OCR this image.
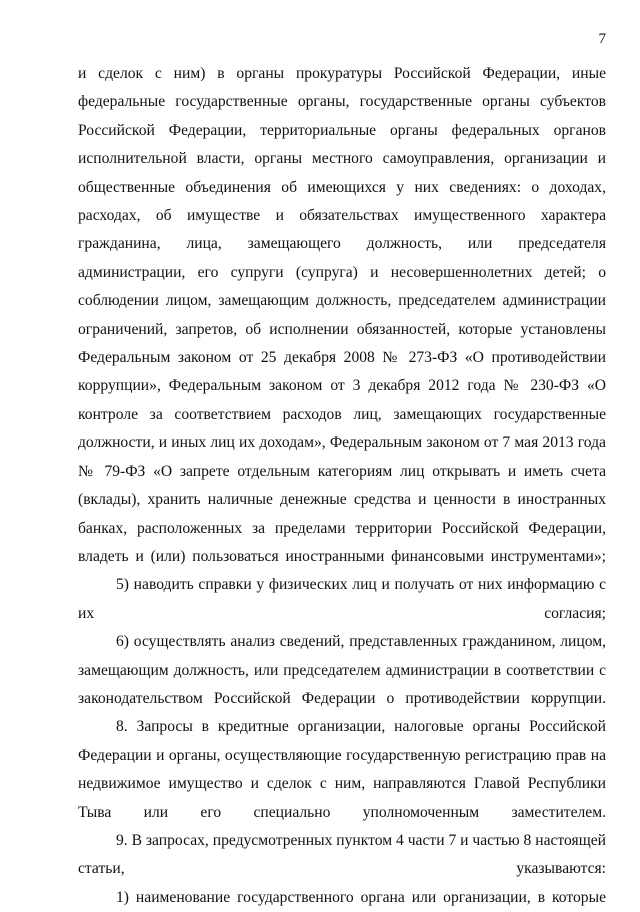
7

и сделок с ним) в органы прокуратуры Российской Федерации, иные федеральные государственные органы, государственные органы субъектов Российской Федерации, территориальные органы федеральных органов исполнительной власти, органы местного самоуправления, организации и общественные объединения об имеющихся у них сведениях: о доходах, расходах, об имуществе и обязательствах имущественного характера гражданина, лица, замещающего должность, или председателя администрации, его супруги (супруга) и несовершеннолетних детей; о соблюдении лицом, замещающим должность, председателем администрации ограничений, запретов, об исполнении обязанностей, которые установлены Федеральным законом от 25 декабря 2008 № 273-ФЗ «О противодействии коррупции», Федеральным законом от 3 декабря 2012 года № 230-ФЗ «О контроле за соответствием расходов лиц, замещающих государственные должности, и иных лиц их доходам», Федеральным законом от 7 мая 2013 года № 79-ФЗ «О запрете отдельным категориям лиц открывать и иметь счета (вклады), хранить наличные денежные средства и ценности в иностранных банках, расположенных за пределами территории Российской Федерации, владеть и (или) пользоваться иностранными финансовыми инструментами»;

5) наводить справки у физических лиц и получать от них информацию с их	согласия;

6) осуществлять анализ сведений, представленных гражданином, лицом, замещающим должность, или председателем администрации в соответствии с законодательством Российской Федерации о противодействии коррупции.

8. Запросы в кредитные организации, налоговые органы Российской Федерации и органы, осуществляющие государственную регистрацию прав на недвижимое имущество и сделок с ним, направляются Главой Республики Тыва или его специально уполномоченным заместителем.

9. В запросах, предусмотренных пунктом 4 части 7 и частью 8 настоящей статьи, указываются:

1) наименование государственного органа или организации, в которые
